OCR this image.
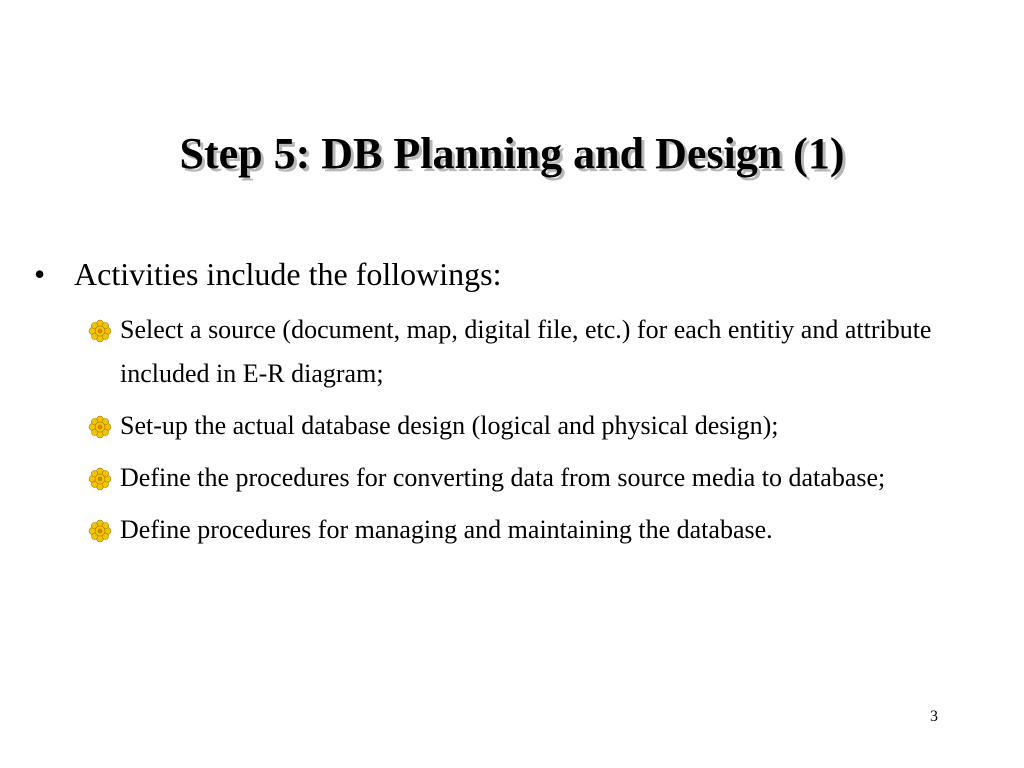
Step 5: DB Planning and Design (1)
• Activities include the followings:
Select a source (document, map, digital file, etc.) for each entitiy and attribute included in E-R diagram;
Set-up the actual database design (logical and physical design);
Define the procedures for converting data from source media to database;
Define procedures for managing and maintaining the database.
3
